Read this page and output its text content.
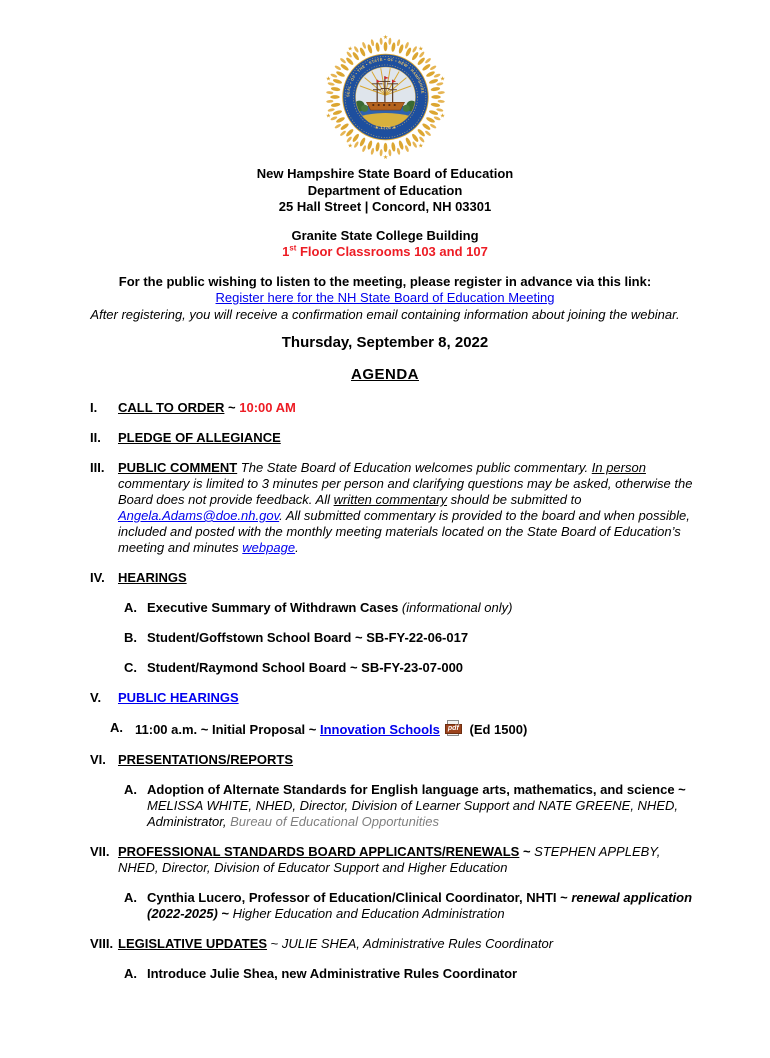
★
★
★
★
★
★
★
★
★
★
SEAL • OF • THE • STATE • OF • NEW • HAMPSHIRE
★ 1776 ★

New Hampshire State Board of Education

Department of Education

25 Hall Street | Concord, NH 03301

Granite State College Building

1st Floor Classrooms 103 and 107

For the public wishing to listen to the meeting, please register in advance via this link:

Register here for the NH State Board of Education Meeting

After registering, you will receive a confirmation email containing information about joining the webinar.

Thursday, September 8, 2022

AGENDA

I.	CALL TO ORDER ~ 10:00 AM
II.	PLEDGE OF ALLEGIANCE
III.	PUBLIC COMMENT The State Board of Education welcomes public commentary. In person commentary is limited to 3 minutes per person and clarifying questions may be asked, otherwise the Board does not provide feedback. All written commentary should be submitted to Angela.Adams@doe.nh.gov. All submitted commentary is provided to the board and when possible, included and posted with the monthly meeting materials located on the State Board of Education’s meeting and minutes webpage.
IV.	HEARINGS
A. Executive Summary of Withdrawn Cases (informational only)
B. Student/Goffstown School Board ~ SB-FY-22-06-017
C. Student/Raymond School Board ~ SB-FY-23-07-000
V.	PUBLIC HEARINGS
A. 11:00 a.m. ~ Initial Proposal ~ Innovation Schools	pdf (Ed 1500)
VI. PRESENTATIONS/REPORTS
A. Adoption of Alternate Standards for English language arts, mathematics, and science ~ MELISSA WHITE, NHED, Director, Division of Learner Support and NATE GREENE, NHED, Administrator, Bureau of Educational Opportunities
VII. PROFESSIONAL STANDARDS BOARD APPLICANTS/RENEWALS ~ STEPHEN APPLEBY, NHED, Director, Division of Educator Support and Higher Education
A. Cynthia Lucero, Professor of Education/Clinical Coordinator, NHTI ~ renewal application (2022-2025) ~ Higher Education and Education Administration
VIII. LEGISLATIVE UPDATES ~ JULIE SHEA, Administrative Rules Coordinator
A. Introduce Julie Shea, new Administrative Rules Coordinator
